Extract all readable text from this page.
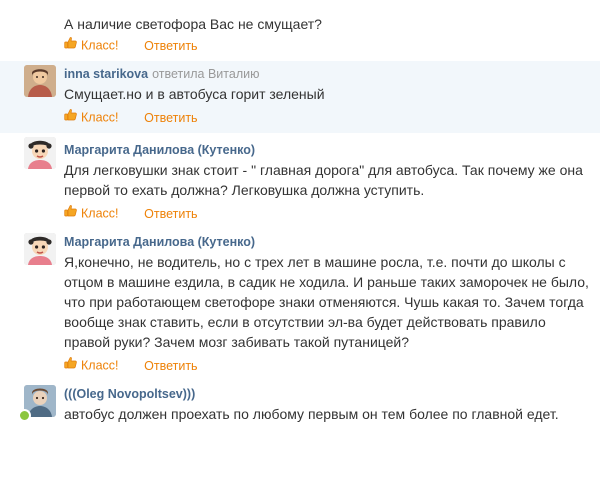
А наличие светофора Вас не смущает?
Класс! Ответить
inna starikova ответила Виталию
Смущает.но и в автобуса горит зеленый
Класс! Ответить
Маргарита Данилова (Кутенко)
Для легковушки знак стоит - " главная дорога" для автобуса. Так почему же она первой то ехать должна? Легковушка должна уступить.
Класс! Ответить
Маргарита Данилова (Кутенко)
Я,конечно, не водитель, но с трех лет в машине росла, т.е. почти до школы с отцом в машине ездила, в садик не ходила. И раньше таких заморочек не было, что при работающем светофоре знаки отменяются. Чушь какая то. Зачем тогда вообще знак ставить, если в отсутствии эл-ва будет действовать правило правой руки? Зачем мозг забивать такой путаницей?
Класс! Ответить
(((Oleg Novopoltsev)))
автобус должен проехать по любому первым он тем более по главной едет.
